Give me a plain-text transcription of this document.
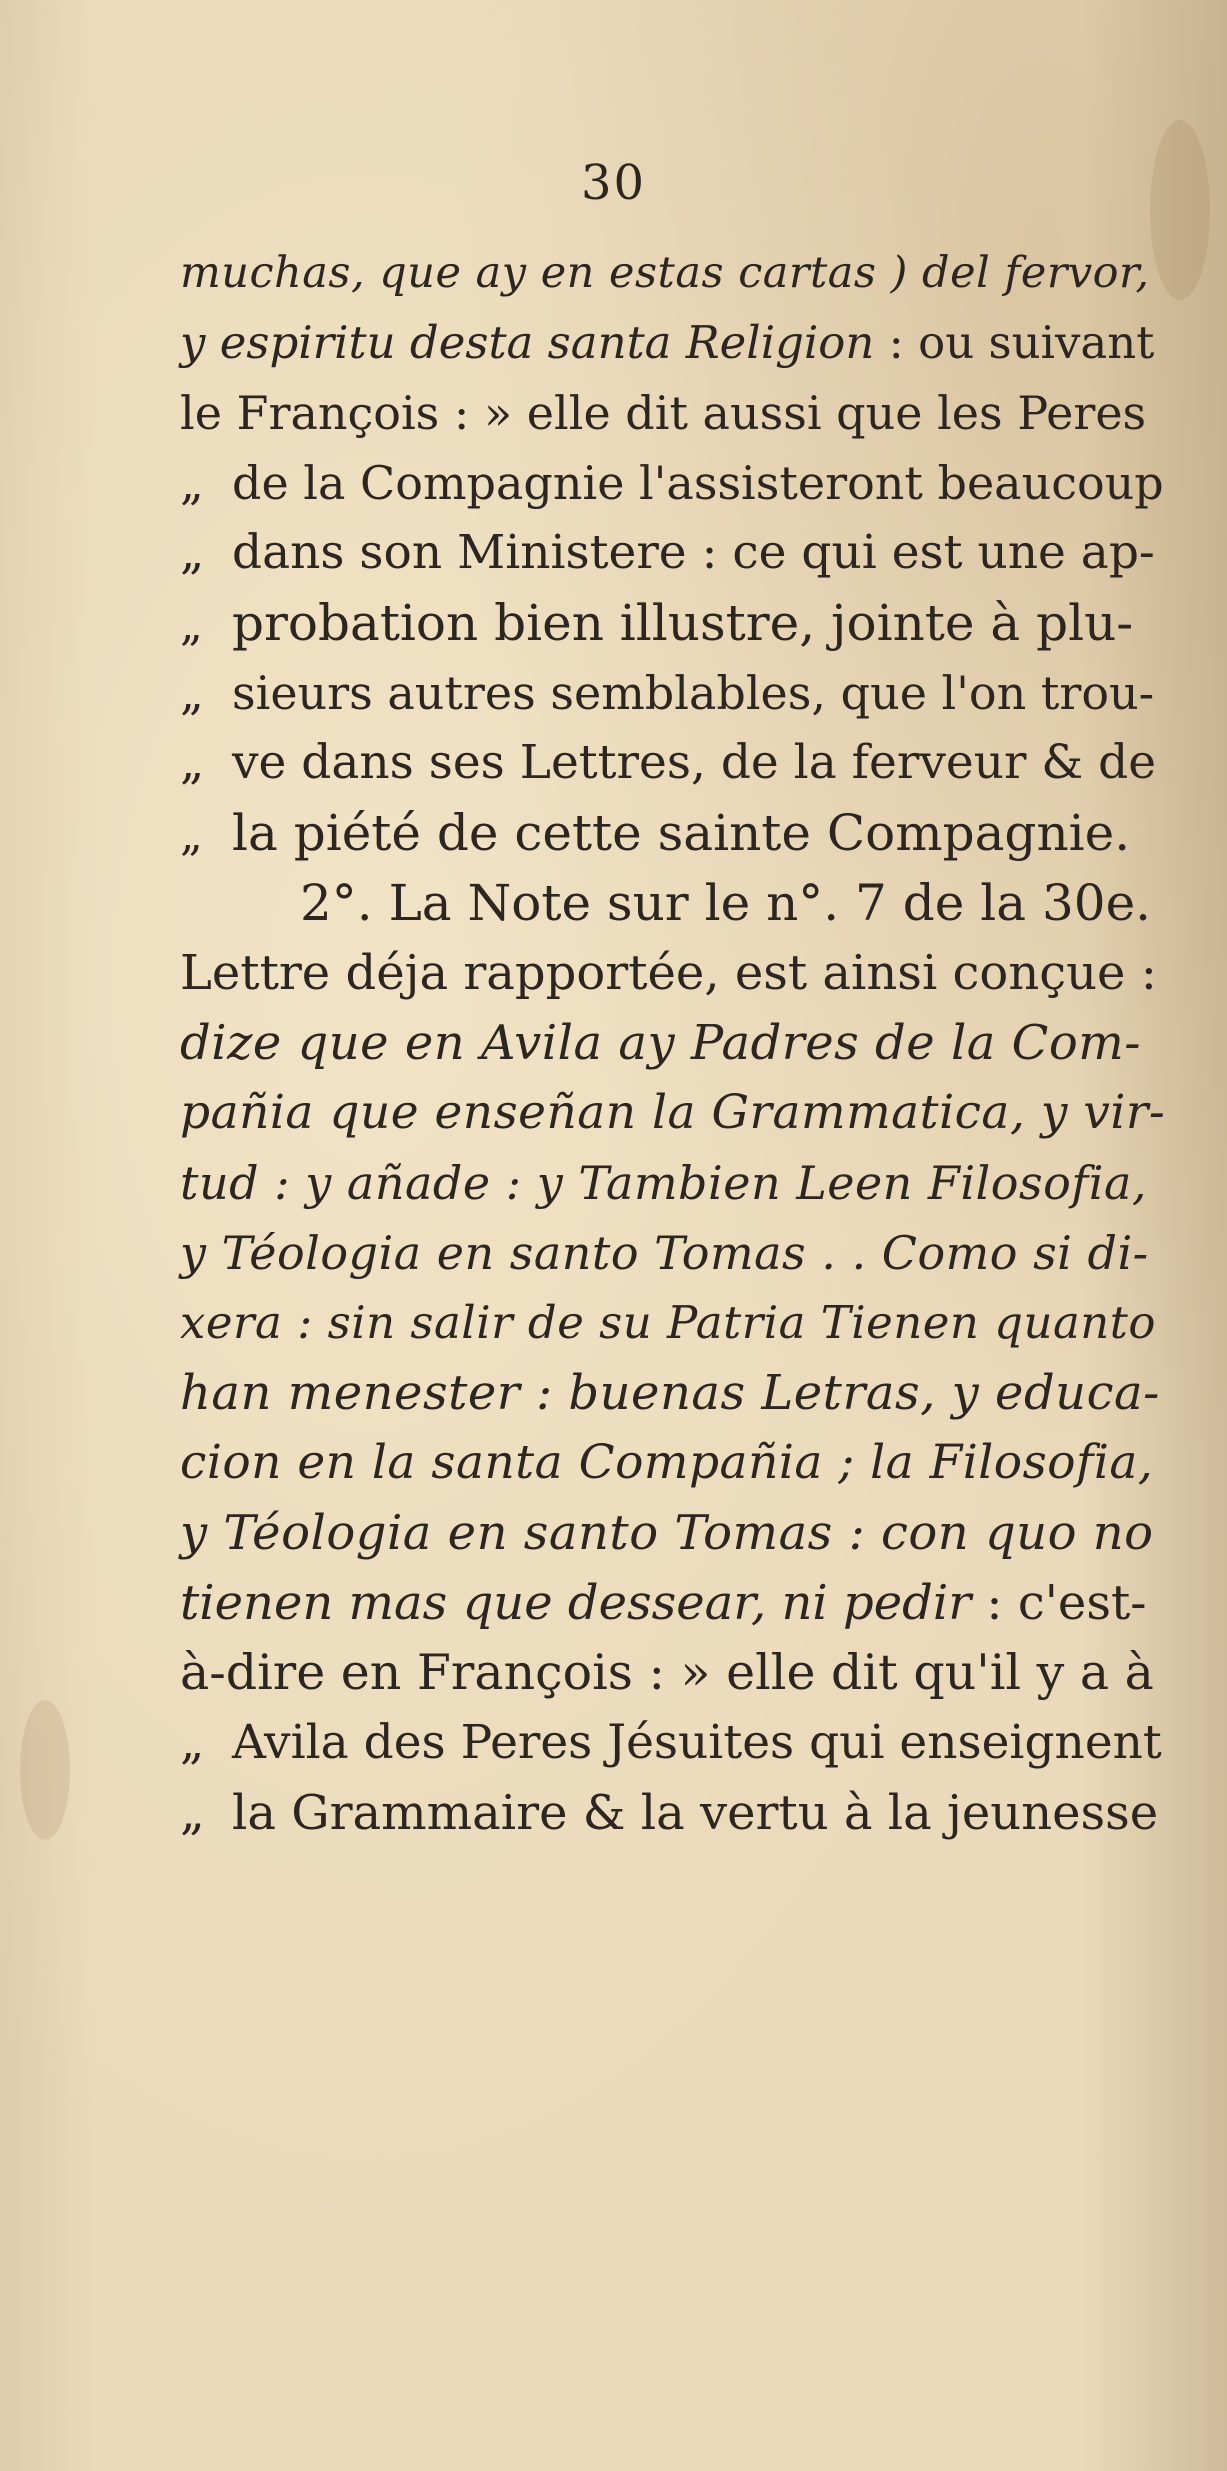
30
muchas, que ay en estas cartas ) del fervor,
y espiritu desta santa Religion : ou suivant
le François : » elle dit aussi que les Peres
„ de la Compagnie l'assisteront beaucoup
„ dans son Ministere : ce qui est une ap-
„ probation bien illustre, jointe à plu-
„ sieurs autres semblables, que l'on trou-
„ ve dans ses Lettres, de la ferveur & de
„ la piété de cette sainte Compagnie.
2°. La Note sur le n°. 7 de la 30e.
Lettre déja rapportée, est ainsi conçue :
dize que en Avila ay Padres de la Com-
pañia que enseñan la Grammatica, y vir-
tud : y añade : y Tambien Leen Filosofia,
y Téologia en santo Tomas . . Como si di-
xera : sin salir de su Patria Tienen quanto
han menester : buenas Letras, y educa-
cion en la santa Compañia ; la Filosofia,
y Téologia en santo Tomas : con quo no
tienen mas que dessear, ni pedir : c'est-
à-dire en François : » elle dit qu'il y a à
„ Avila des Peres Jésuites qui enseignent
„ la Grammaire & la vertu à la jeunesse
